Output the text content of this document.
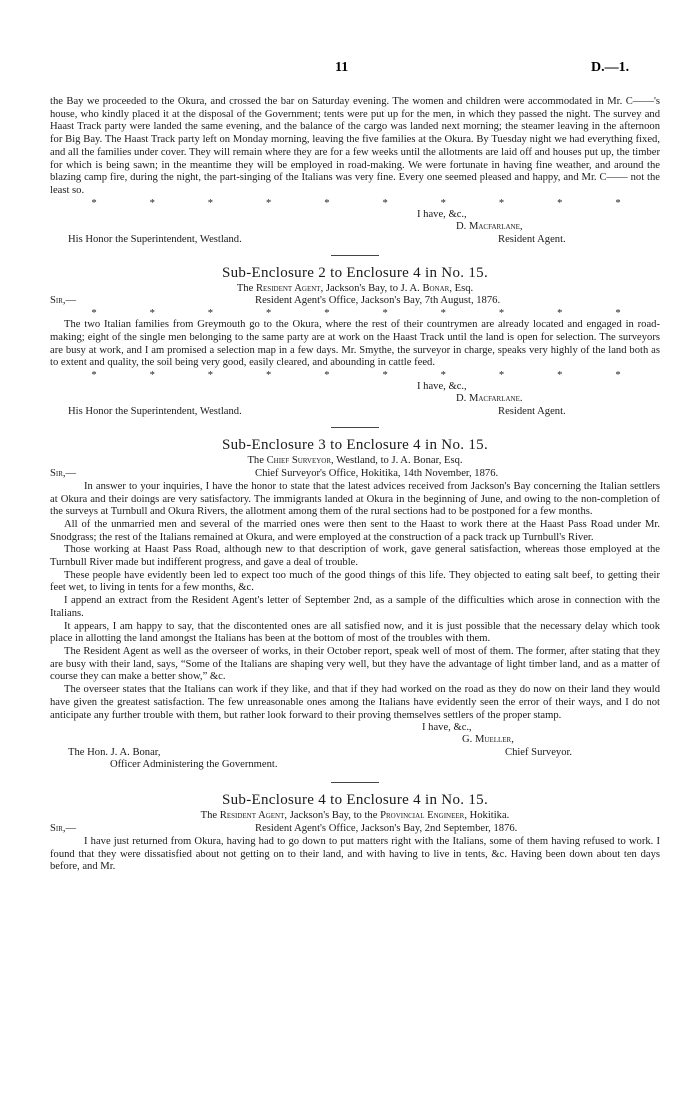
11	D.—1.

the Bay we proceeded to the Okura, and crossed the bar on Saturday evening. The women and children were accommodated in Mr. C——'s house, who kindly placed it at the disposal of the Government; tents were put up for the men, in which they passed the night. The survey and Haast Track party were landed the same evening, and the balance of the cargo was landed next morning; the steamer leaving in the afternoon for Big Bay. The Haast Track party left on Monday morning, leaving the five families at the Okura. By Tuesday night we had everything fixed, and all the families under cover. They will remain where they are for a few weeks until the allotments are laid off and houses put up, the timber for which is being sawn; in the meantime they will be employed in road-making. We were fortunate in having fine weather, and around the blazing camp fire, during the night, the part-singing of the Italians was very fine. Every one seemed pleased and happy, and Mr. C—— not the least so.

*	*	*	*	*	*	*	*	*	*
I have, &c.,
D. Macfarlane,
His Honor the Superintendent, Westland.	Resident Agent.
Sub-Enclosure 2 to Enclosure 4 in No. 15.

The Resident Agent, Jackson's Bay, to J. A. Bonar, Esq.

Sir,—	Resident Agent's Office, Jackson's Bay, 7th August, 1876.
*	*	*	*	*	*	*	*	*	*

The two Italian families from Greymouth go to the Okura, where the rest of their countrymen are already located and engaged in road-making; eight of the single men belonging to the same party are at work on the Haast Track until the land is open for selection. The surveyors are busy at work, and I am promised a selection map in a few days. Mr. Smythe, the surveyor in charge, speaks very highly of the land both as to extent and quality, the soil being very good, easily cleared, and abounding in cattle feed.

*	*	*	*	*	*	*	*	*	*
I have, &c.,
D. Macfarlane.
His Honor the Superintendent, Westland.	Resident Agent.
Sub-Enclosure 3 to Enclosure 4 in No. 15.

The Chief Surveyor, Westland, to J. A. Bonar, Esq.

Sir,—	Chief Surveyor's Office, Hokitika, 14th November, 1876.

In answer to your inquiries, I have the honor to state that the latest advices received from Jackson's Bay concerning the Italian settlers at Okura and their doings are very satisfactory. The immigrants landed at Okura in the beginning of June, and owing to the non-completion of the surveys at Turnbull and Okura Rivers, the allotment among them of the rural sections had to be postponed for a few months.

All of the unmarried men and several of the married ones were then sent to the Haast to work there at the Haast Pass Road under Mr. Snodgrass; the rest of the Italians remained at Okura, and were employed at the construction of a pack track up Turnbull's River.

Those working at Haast Pass Road, although new to that description of work, gave general satisfaction, whereas those employed at the Turnbull River made but indifferent progress, and gave a deal of trouble.

These people have evidently been led to expect too much of the good things of this life. They objected to eating salt beef, to getting their feet wet, to living in tents for a few months, &c.

I append an extract from the Resident Agent's letter of September 2nd, as a sample of the difficulties which arose in connection with the Italians.

It appears, I am happy to say, that the discontented ones are all satisfied now, and it is just possible that the necessary delay which took place in allotting the land amongst the Italians has been at the bottom of most of the troubles with them.

The Resident Agent as well as the overseer of works, in their October report, speak well of most of them. The former, after stating that they are busy with their land, says, “Some of the Italians are shaping very well, but they have the advantage of light timber land, and as a matter of course they can make a better show,” &c.

The overseer states that the Italians can work if they like, and that if they had worked on the road as they do now on their land they would have given the greatest satisfaction. The few unreasonable ones among the Italians have evidently seen the error of their ways, and I do not anticipate any further trouble with them, but rather look forward to their proving themselves settlers of the proper stamp.

I have, &c.,
G. Mueller,
The Hon. J. A. Bonar,	Chief Surveyor.
Officer Administering the Government.
Sub-Enclosure 4 to Enclosure 4 in No. 15.

The Resident Agent, Jackson's Bay, to the Provincial Engineer, Hokitika.

Sir,—	Resident Agent's Office, Jackson's Bay, 2nd September, 1876.

I have just returned from Okura, having had to go down to put matters right with the Italians, some of them having refused to work. I found that they were dissatisfied about not getting on to their land, and with having to live in tents, &c. Having been down about ten days before, and Mr.
